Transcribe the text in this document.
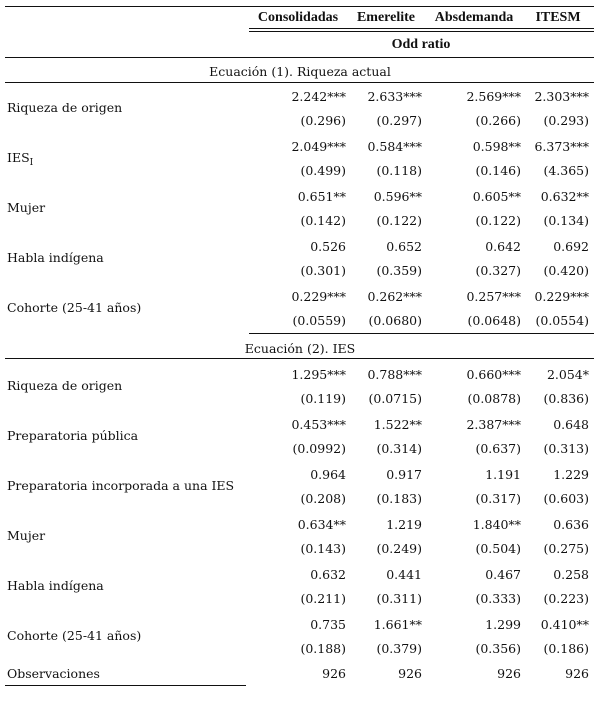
Consolidadas	Emerelite	Absdemanda	ITESM
Odd ratio
Ecuación (1). Riqueza actual
Riqueza de origen
2.242***	2.633***	2.569***	2.303***
(0.296)	(0.297)	(0.266)	(0.293)
$IES_I$
2.049***	0.584***	0.598**	6.373***
(0.499)	(0.118)	(0.146)	(4.365)
Mujer
0.651**	0.596**	0.605**	0.632**
(0.142)	(0.122)	(0.122)	(0.134)
Habla indígena
0.526	0.652	0.642	0.692
(0.301)	(0.359)	(0.327)	(0.420)
Cohorte (25-41 años)
0.229***	0.262***	0.257***	0.229***
(0.0559)	(0.0680)	(0.0648)	(0.0554)
Ecuación (2). IES
Riqueza de origen
1.295***	0.788***	0.660***	2.054*
(0.119)	(0.0715)	(0.0878)	(0.836)
Preparatoria pública
0.453***	1.522**	2.387***	0.648
(0.0992)	(0.314)	(0.637)	(0.313)
Preparatoria incorporada a una IES
0.964	0.917	1.191	1.229
(0.208)	(0.183)	(0.317)	(0.603)
Mujer
0.634**	1.219	1.840**	0.636
(0.143)	(0.249)	(0.504)	(0.275)
Habla indígena
0.632	0.441	0.467	0.258
(0.211)	(0.311)	(0.333)	(0.223)
Cohorte (25-41 años)
0.735	1.661**	1.299	0.410**
(0.188)	(0.379)	(0.356)	(0.186)
Observaciones	926	926	926	926
